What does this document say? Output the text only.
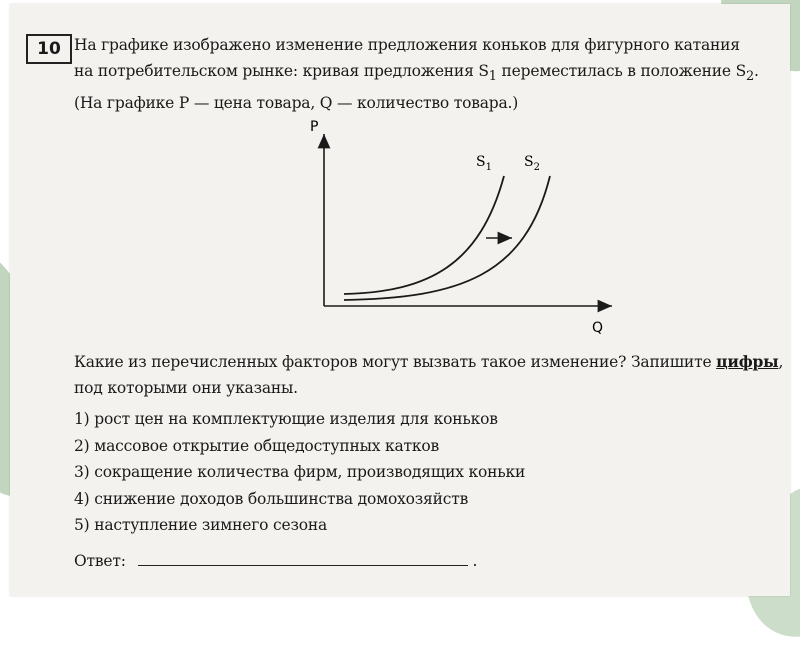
10 На графике изображено изменение предложения коньков для фигурного катания
на потребительском рынке: кривая предложения $S_1$ переместилась в положение $S_2$.
(На графике P — цена товара, Q — количество товара.)
P
Q
$S_1$ $S_2$
Какие из перечисленных факторов могут вызвать такое изменение? Запишите цифры, под которыми они указаны.
1) рост цен на комплектующие изделия для коньков
2) массовое открытие общедоступных катков
3) сокращение количества фирм, производящих коньки
4) снижение доходов большинства домохозяйств
5) наступление зимнего сезона
Ответ:	.
